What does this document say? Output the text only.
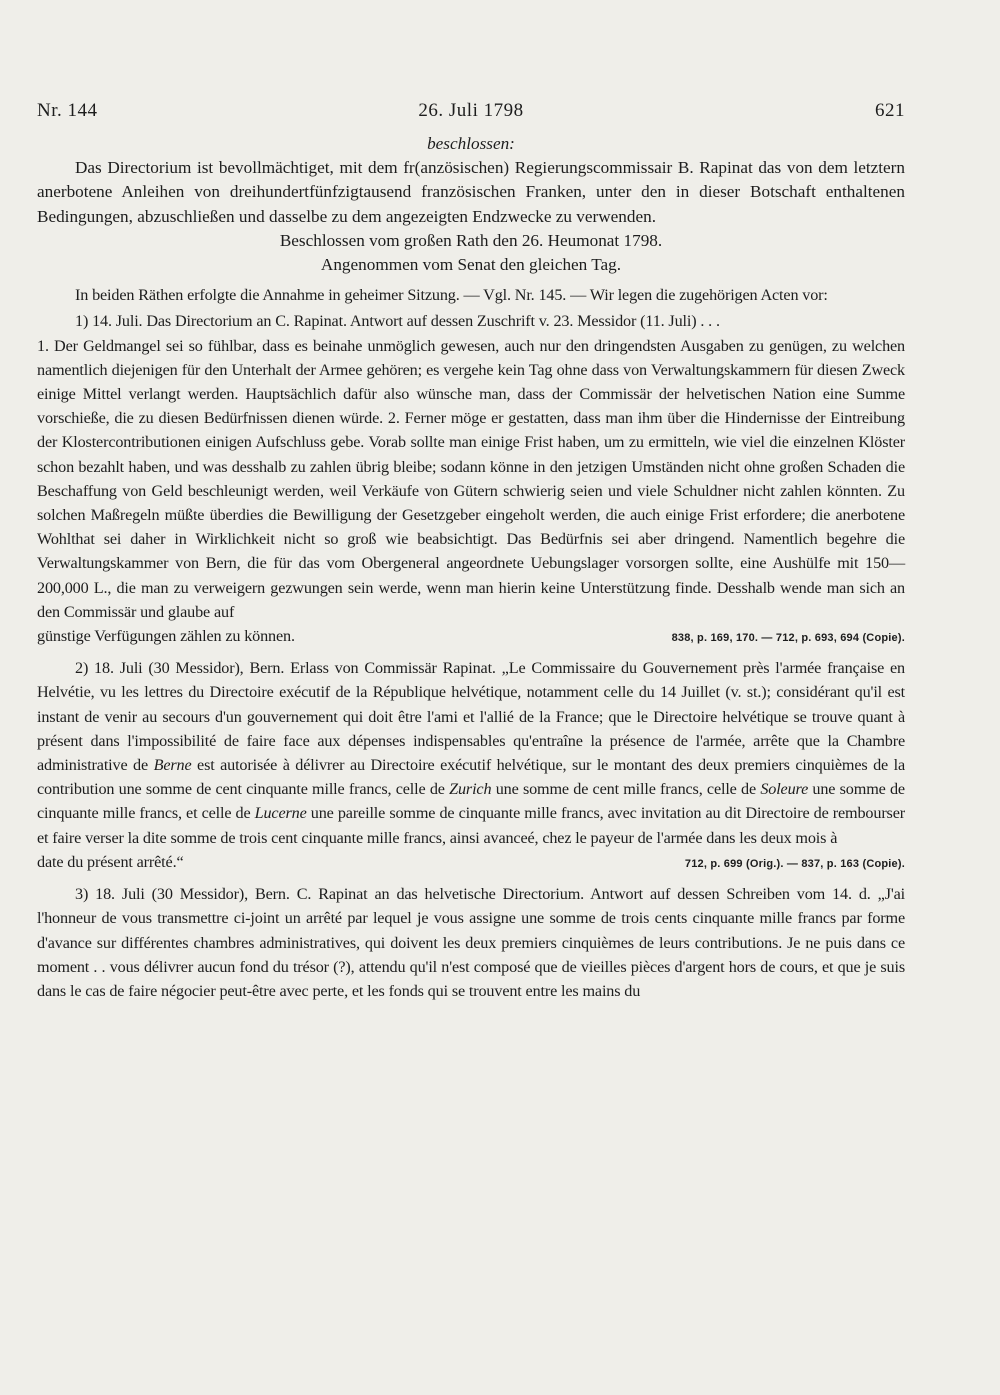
Nr. 144	26. Juli 1798	621

beschlossen:

Das Directorium ist bevollmächtiget, mit dem fr(anzösischen) Regierungscommissair B. Rapinat das von dem letztern anerbotene Anleihen von dreihundertfünfzigtausend französischen Franken, unter den in dieser Botschaft enthaltenen Bedingungen, abzuschließen und dasselbe zu dem angezeigten Endzwecke zu verwenden.

Beschlossen vom großen Rath den 26. Heumonat 1798.

Angenommen vom Senat den gleichen Tag.

In beiden Räthen erfolgte die Annahme in geheimer Sitzung. — Vgl. Nr. 145. — Wir legen die zugehörigen Acten vor:

1) 14. Juli. Das Directorium an C. Rapinat. Antwort auf dessen Zuschrift v. 23. Messidor (11. Juli) . . .

1. Der Geldmangel sei so fühlbar, dass es beinahe unmöglich gewesen, auch nur den dringendsten Ausgaben zu genügen, zu welchen namentlich diejenigen für den Unterhalt der Armee gehören; es vergehe kein Tag ohne dass von Verwaltungskammern für diesen Zweck einige Mittel verlangt werden. Hauptsächlich dafür also wünsche man, dass der Commissär der helvetischen Nation eine Summe vorschieße, die zu diesen Bedürfnissen dienen würde. 2. Ferner möge er gestatten, dass man ihm über die Hindernisse der Eintreibung der Klostercontributionen einigen Aufschluss gebe. Vorab sollte man einige Frist haben, um zu ermitteln, wie viel die einzelnen Klöster schon bezahlt haben, und was desshalb zu zahlen übrig bleibe; sodann könne in den jetzigen Umständen nicht ohne großen Schaden die Beschaffung von Geld beschleunigt werden, weil Verkäufe von Gütern schwierig seien und viele Schuldner nicht zahlen könnten. Zu solchen Maßregeln müßte überdies die Bewilligung der Gesetzgeber eingeholt werden, die auch einige Frist erfordere; die anerbotene Wohlthat sei daher in Wirklichkeit nicht so groß wie beabsichtigt. Das Bedürfnis sei aber dringend. Namentlich begehre die Verwaltungskammer von Bern, die für das vom Obergeneral angeordnete Uebungslager vorsorgen sollte, eine Aushülfe mit 150—200,000 L., die man zu verweigern gezwungen sein werde, wenn man hierin keine Unterstützung finde. Desshalb wende man sich an den Commissär und glaube auf

günstige Verfügungen zählen zu können.	838, p. 169, 170. — 712, p. 693, 694 (Copie).

2) 18. Juli (30 Messidor), Bern. Erlass von Commissär Rapinat. „Le Commissaire du Gouvernement près l'armée française en Helvétie, vu les lettres du Directoire exécutif de la République helvétique, notamment celle du 14 Juillet (v. st.); considérant qu'il est instant de venir au secours d'un gouvernement qui doit être l'ami et l'allié de la France; que le Directoire helvétique se trouve quant à présent dans l'impossibilité de faire face aux dépenses indispensables qu'entraîne la présence de l'armée, arrête que la Chambre administrative de Berne est autorisée à délivrer au Directoire exécutif helvétique, sur le montant des deux premiers cinquièmes de la contribution une somme de cent cinquante mille francs, celle de Zurich une somme de cent mille francs, celle de Soleure une somme de cinquante mille francs, et celle de Lucerne une pareille somme de cinquante mille francs, avec invitation au dit Directoire de rembourser et faire verser la dite somme de trois cent cinquante mille francs, ainsi avanceé, chez le payeur de l'armée dans les deux mois à

date du présent arrêté.“	712, p. 699 (Orig.). — 837, p. 163 (Copie).

3) 18. Juli (30 Messidor), Bern. C. Rapinat an das helvetische Directorium. Antwort auf dessen Schreiben vom 14. d. „J'ai l'honneur de vous transmettre ci-joint un arrêté par lequel je vous assigne une somme de trois cents cinquante mille francs par forme d'avance sur différentes chambres administratives, qui doivent les deux premiers cinquièmes de leurs contributions. Je ne puis dans ce moment . . vous délivrer aucun fond du trésor (?), attendu qu'il n'est composé que de vieilles pièces d'argent hors de cours, et que je suis dans le cas de faire négocier peut-être avec perte, et les fonds qui se trouvent entre les mains du
